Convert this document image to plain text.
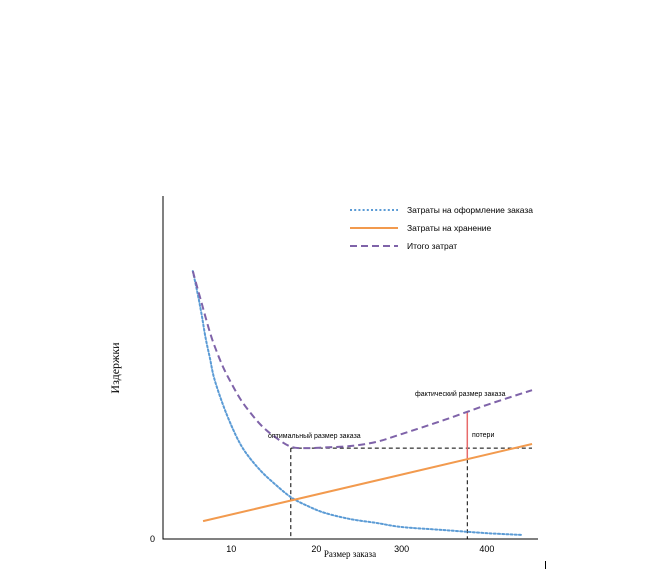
Затраты на оформление заказа
Затраты на хранение
Итого затрат
оптимальный размер заказа
фактический размер заказа
потери
0
10	20	300	400
Размер заказа
Издержки
